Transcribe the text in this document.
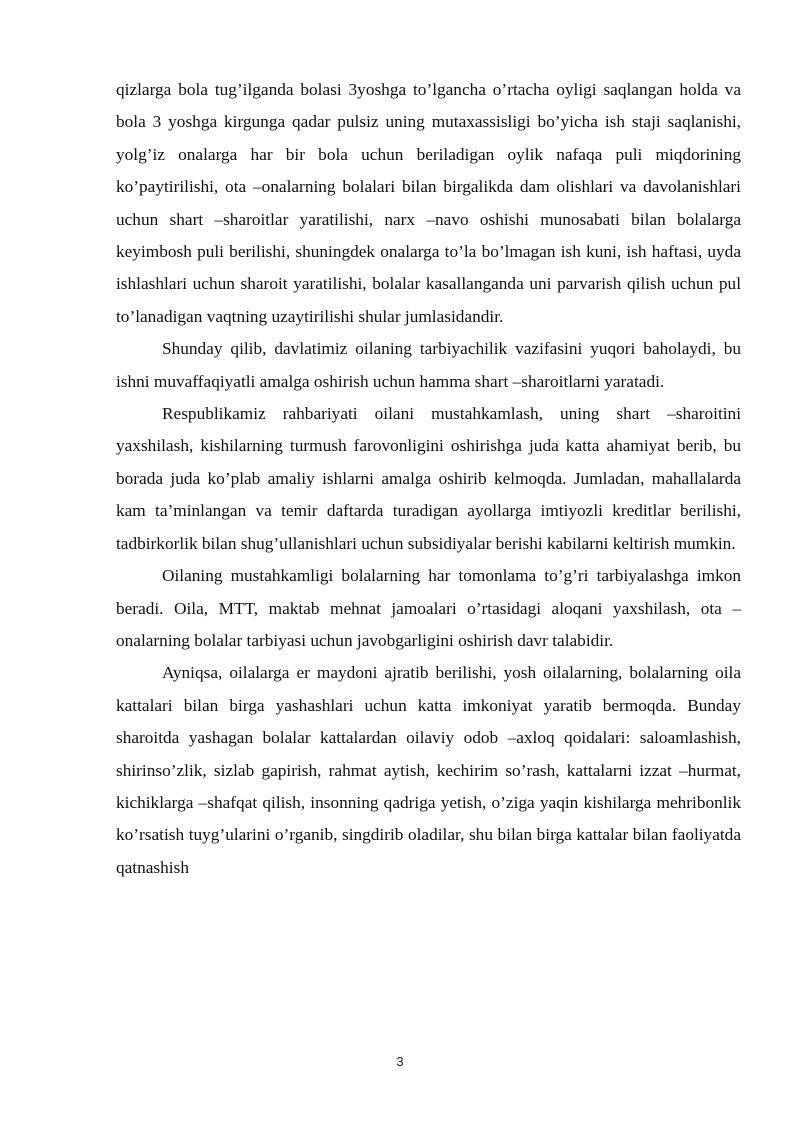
qizlarga bola tug’ilganda bolasi 3yoshga to’lgancha o’rtacha oyligi saqlangan holda va bola 3 yoshga kirgunga qadar pulsiz uning mutaxassisligi bo’yicha ish staji saqlanishi, yolg’iz onalarga har bir bola uchun beriladigan oylik nafaqa puli miqdorining ko’paytirilishi, ota –onalarning bolalari bilan birgalikda dam olishlari va davolanishlari uchun shart –sharoitlar yaratilishi, narx –navo oshishi munosabati bilan bolalarga keyimbosh puli berilishi, shuningdek onalarga to’la bo’lmagan ish kuni, ish haftasi, uyda ishlashlari uchun sharoit yaratilishi, bolalar kasallanganda uni parvarish qilish uchun pul to’lanadigan vaqtning uzaytirilishi shular jumlasidandir.

Shunday qilib, davlatimiz oilaning tarbiyachilik vazifasini yuqori baholaydi, bu ishni muvaffaqiyatli amalga oshirish uchun hamma shart –sharoitlarni yaratadi.

Respublikamiz rahbariyati oilani mustahkamlash, uning shart –sharoitini yaxshilash, kishilarning turmush farovonligini oshirishga juda katta ahamiyat berib, bu borada juda ko’plab amaliy ishlarni amalga oshirib kelmoqda. Jumladan, mahallalarda kam ta’minlangan va temir daftarda turadigan ayollarga imtiyozli kreditlar berilishi, tadbirkorlik bilan shug’ullanishlari uchun subsidiyalar berishi kabilarni keltirish mumkin.

Oilaning mustahkamligi bolalarning har tomonlama to’g’ri tarbiyalashga imkon beradi. Oila, MTT, maktab mehnat jamoalari o’rtasidagi aloqani yaxshilash, ota –onalarning bolalar tarbiyasi uchun javobgarligini oshirish davr talabidir.

Ayniqsa, oilalarga er maydoni ajratib berilishi, yosh oilalarning, bolalarning oila kattalari bilan birga yashashlari uchun katta imkoniyat yaratib bermoqda. Bunday sharoitda yashagan bolalar kattalardan oilaviy odob –axloq qoidalari: saloamlashish, shirinso’zlik, sizlab gapirish, rahmat aytish, kechirim so’rash, kattalarni izzat –hurmat, kichiklarga –shafqat qilish, insonning qadriga yetish, o’ziga yaqin kishilarga mehribonlik ko’rsatish tuyg’ularini o’rganib, singdirib oladilar, shu bilan birga kattalar bilan faoliyatda qatnashish

3
